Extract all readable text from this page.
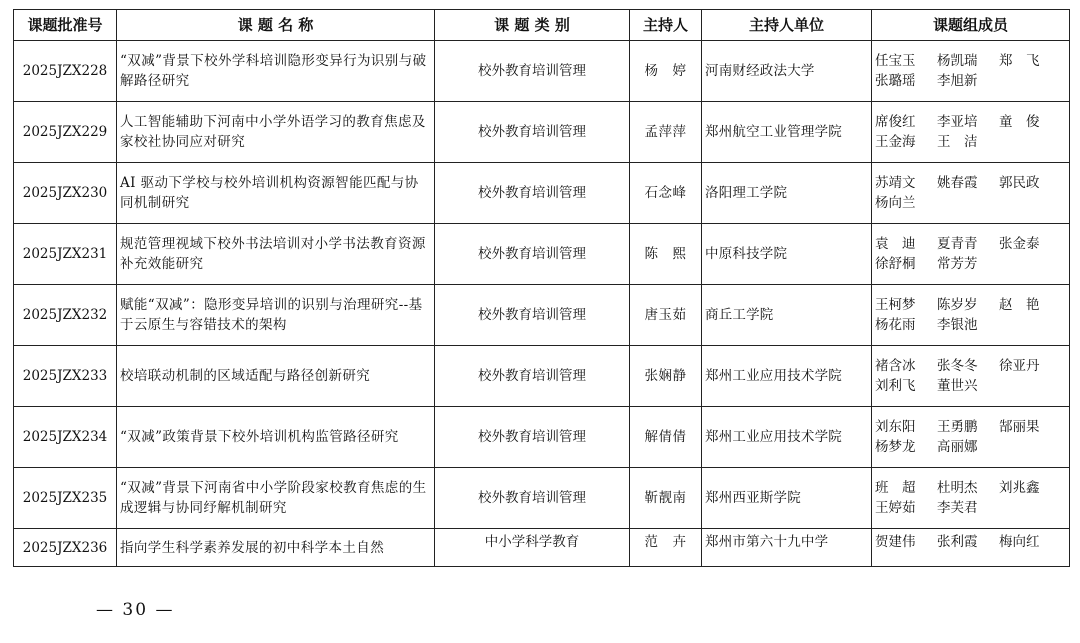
课题批准号	课 题 名 称	课 题 类 别	主持人	主持人单位	课题组成员
2025JZX228	“双减”背景下校外学科培训隐形变异行为识别与破解路径研究	校外教育培训管理	杨　婷	河南财经政法大学	任宝玉 杨凯瑞 郑　飞
张璐瑶 李旭新

2025JZX229	人工智能辅助下河南中小学外语学习的教育焦虑及家校社协同应对研究	校外教育培训管理	孟萍萍	郑州航空工业管理学院	席俊红 李亚培 童　俊
王金海 王　洁

2025JZX230	AI 驱动下学校与校外培训机构资源智能匹配与协同机制研究	校外教育培训管理	石念峰	洛阳理工学院	苏靖文 姚春霞 郭民政
杨向兰

2025JZX231	规范管理视域下校外书法培训对小学书法教育资源补充效能研究	校外教育培训管理	陈　熙	中原科技学院	袁　迪 夏青青 张金泰
徐舒桐 常芳芳

2025JZX232	赋能“双减”：隐形变异培训的识别与治理研究--基于云原生与容错技术的架构	校外教育培训管理	唐玉茹	商丘工学院	王柯梦 陈岁岁 赵　艳
杨花雨 李银池

2025JZX233	校培联动机制的区域适配与路径创新研究	校外教育培训管理	张娴静	郑州工业应用技术学院	褚含冰 张冬冬 徐亚丹
刘利飞 董世兴

2025JZX234	“双减”政策背景下校外培训机构监管路径研究	校外教育培训管理	解倩倩	郑州工业应用技术学院	刘东阳 王勇鹏 郜丽果
杨梦龙 高丽娜

2025JZX235	“双减”背景下河南省中小学阶段家校教育焦虑的生成逻辑与协同纾解机制研究	校外教育培训管理	靳靓南	郑州西亚斯学院	班　超 杜明杰 刘兆鑫
王婷茹 李芙君

2025JZX236	指向学生科学素养发展的初中科学本土自然	中小学科学教育	范　卉	郑州市第六十九中学	贺建伟 张利霞 梅向红
— 30 —
